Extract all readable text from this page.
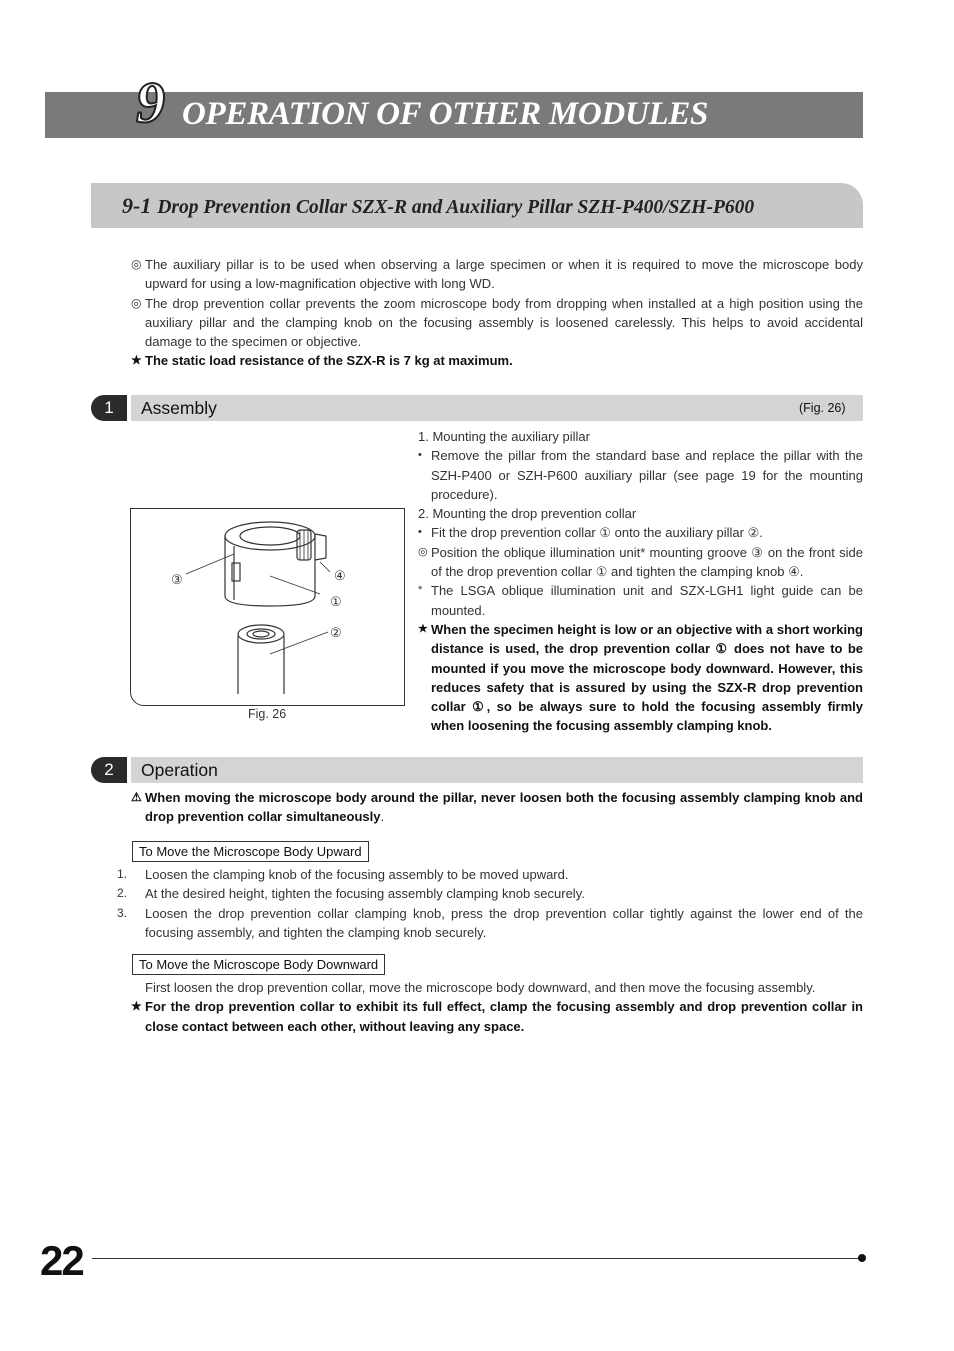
9 OPERATION OF OTHER MODULES
9-1 Drop Prevention Collar SZX-R and Auxiliary Pillar SZH-P400/SZH-P600
◎ The auxiliary pillar is to be used when observing a large specimen or when it is required to move the microscope body upward for using a low-magnification objective with long WD.
◎ The drop prevention collar prevents the zoom microscope body from dropping when installed at a high position using the auxiliary pillar and the clamping knob on the focusing assembly is loosened carelessly. This helps to avoid accidental damage to the specimen or objective.
★ The static load resistance of the SZX-R is 7 kg at maximum.
1	Assembly	(Fig. 26)
③	④
①
②
Fig. 26
1. Mounting the auxiliary pillar
• Remove the pillar from the standard base and replace the pillar with the SZH-P400 or SZH-P600 auxiliary pillar (see page 19 for the mounting procedure).
2. Mounting the drop prevention collar
• Fit the drop prevention collar ① onto the auxiliary pillar ②.
◎ Position the oblique illumination unit* mounting groove ③ on the front side of the drop prevention collar ① and tighten the clamping knob ④.
* The LSGA oblique illumination unit and SZX-LGH1 light guide can be mounted.
★ When the specimen height is low or an objective with a short working distance is used, the drop prevention collar ① does not have to be mounted if you move the microscope body downward. However, this reduces safety that is assured by using the SZX-R drop prevention collar ①, so be always sure to hold the focusing assembly firmly when loosening the focusing assembly clamping knob.
2	Operation
⚠ When moving the microscope body around the pillar, never loosen both the focusing assembly clamping knob and drop prevention collar simultaneously.
To Move the Microscope Body Upward
1. Loosen the clamping knob of the focusing assembly to be moved upward.
2. At the desired height, tighten the focusing assembly clamping knob securely.
3. Loosen the drop prevention collar clamping knob, press the drop prevention collar tightly against the lower end of the focusing assembly, and tighten the clamping knob securely.
To Move the Microscope Body Downward
First loosen the drop prevention collar, move the microscope body downward, and then move the focusing assembly.
★ For the drop prevention collar to exhibit its full effect, clamp the focusing assembly and drop prevention collar in close contact between each other, without leaving any space.
22
